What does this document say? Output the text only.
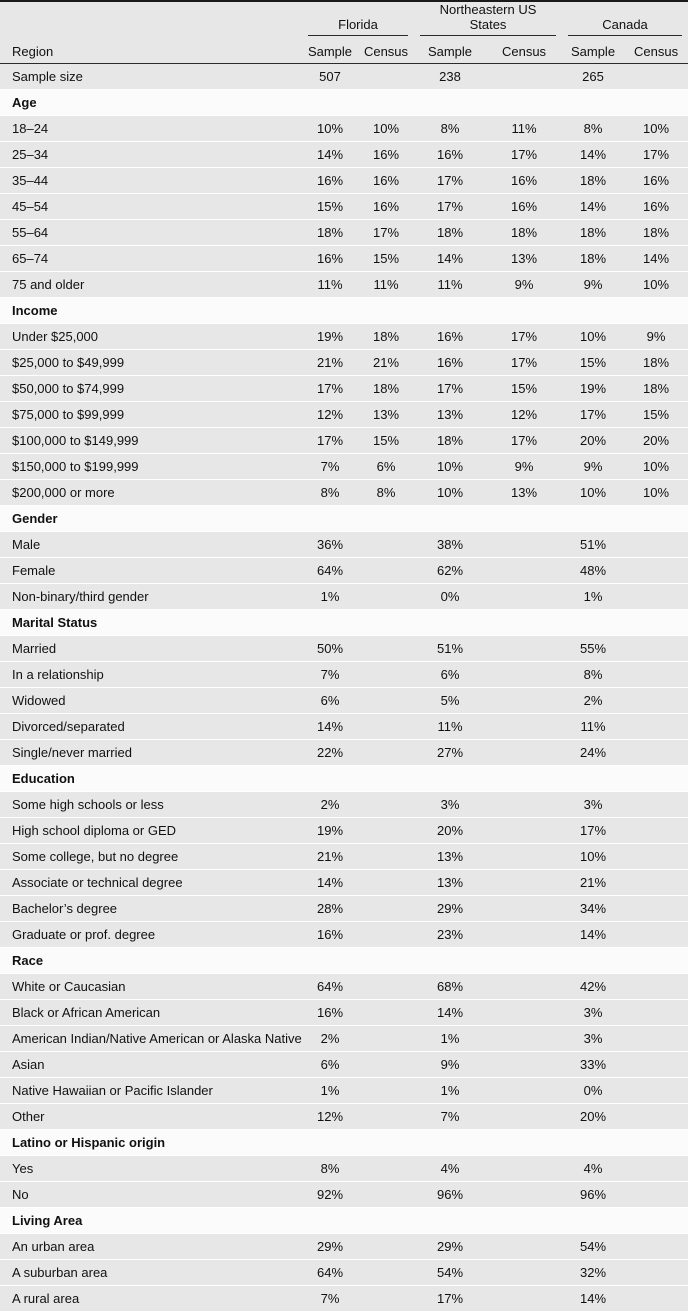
	Florida		Northeastern US States		Canada	

Region	Sample	Census	Sample	Census	Sample	Census
Sample size	507		238		265	
Age						
18–24	10%	10%	8%	11%	8%	10%
25–34	14%	16%	16%	17%	14%	17%
35–44	16%	16%	17%	16%	18%	16%
45–54	15%	16%	17%	16%	14%	16%
55–64	18%	17%	18%	18%	18%	18%
65–74	16%	15%	14%	13%	18%	14%
75 and older	11%	11%	11%	9%	9%	10%
Income						
Under $25,000	19%	18%	16%	17%	10%	9%
$25,000 to $49,999	21%	21%	16%	17%	15%	18%
$50,000 to $74,999	17%	18%	17%	15%	19%	18%
$75,000 to $99,999	12%	13%	13%	12%	17%	15%
$100,000 to $149,999	17%	15%	18%	17%	20%	20%
$150,000 to $199,999	7%	6%	10%	9%	9%	10%
$200,000 or more	8%	8%	10%	13%	10%	10%
Gender						
Male	36%		38%		51%	
Female	64%		62%		48%	
Non-binary/third gender	1%		0%		1%	
Marital Status						
Married	50%		51%		55%	
In a relationship	7%		6%		8%	
Widowed	6%		5%		2%	
Divorced/separated	14%		11%		11%	
Single/never married	22%		27%		24%	
Education						
Some high schools or less	2%		3%		3%	
High school diploma or GED	19%		20%		17%	
Some college, but no degree	21%		13%		10%	
Associate or technical degree	14%		13%		21%	
Bachelor’s degree	28%		29%		34%	
Graduate or prof. degree	16%		23%		14%	
Race						
White or Caucasian	64%		68%		42%	
Black or African American	16%		14%		3%	
American Indian/Native American or Alaska Native	2%		1%		3%	
Asian	6%		9%		33%	
Native Hawaiian or Pacific Islander	1%		1%		0%	
Other	12%		7%		20%	
Latino or Hispanic origin						
Yes	8%		4%		4%	
No	92%		96%		96%	
Living Area						
An urban area	29%		29%		54%	
A suburban area	64%		54%		32%	
A rural area	7%		17%		14%	
